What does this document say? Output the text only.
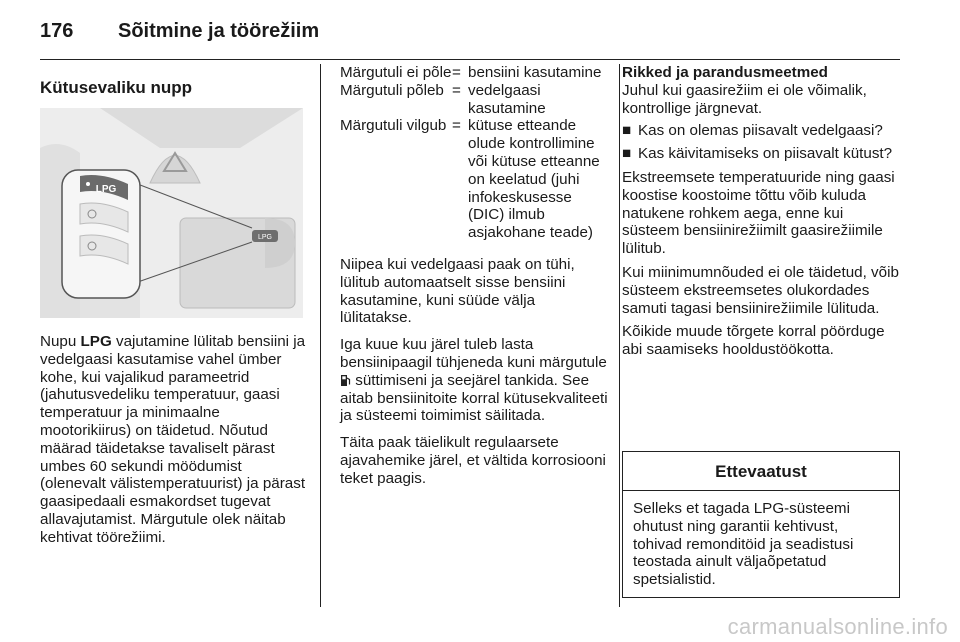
176 Sõitmine ja töörežiim
Kütusevaliku nupp
LPG
LPG
Nupu LPG vajutamine lülitab bensiini ja vedelgaasi kasutamise vahel ümber kohe, kui vajalikud parameetrid (jahutusvedeliku temperatuur, gaasi temperatuur ja minimaalne mootorikiirus) on täidetud. Nõutud määrad täidetakse tavaliselt pärast umbes 60 sekundi möödumist (olenevalt välistemperatuurist) ja pärast gaasipedaali esmakordset tugevat allavajutamist. Märgutule olek näitab kehtivat töörežiimi.
Märgutuli ei põle	=	bensiini kasutamine
Märgutuli põleb	=	vedelgaasi kasutamine
Märgutuli vilgub	=	kütuse etteande olude kontrollimine või kütuse etteanne on keelatud (juhi infokeskusesse (DIC) ilmub asjakohane teade)

Niipea kui vedelgaasi paak on tühi, lülitub automaatselt sisse bensiini kasutamine, kuni süüde välja lülitatakse.

Iga kuue kuu järel tuleb lasta bensiinipaagil tühjeneda kuni märgutule  süttimiseni ja seejärel tankida. See aitab bensiinitoite korral kütusekvaliteeti ja süsteemi toimimist säilitada.

Täita paak täielikult regulaarsete ajavahemike järel, et vältida korrosiooni teket paagis.

Rikked ja parandusmeetmed

Juhul kui gaasirežiim ei ole võimalik, kontrollige järgnevat.

■ Kas on olemas piisavalt vedelgaasi?
■ Kas käivitamiseks on piisavalt kütust?

Ekstreemsete temperatuuride ning gaasi koostise koostoime tõttu võib kuluda natukene rohkem aega, enne kui süsteem bensiinirežiimilt gaasirežiimile lülitub.

Kui miinimumnõuded ei ole täidetud, võib süsteem ekstreemsetes olukordades samuti tagasi bensiinirežiimile lülituda.

Kõikide muude tõrgete korral pöörduge abi saamiseks hooldustöökotta.

Ettevaatust
Selleks et tagada LPG-süsteemi ohutust ning garantii kehtivust, tohivad remonditöid ja seadistusi teostada ainult väljaõpetatud spetsialistid.
carmanualsonline.info
